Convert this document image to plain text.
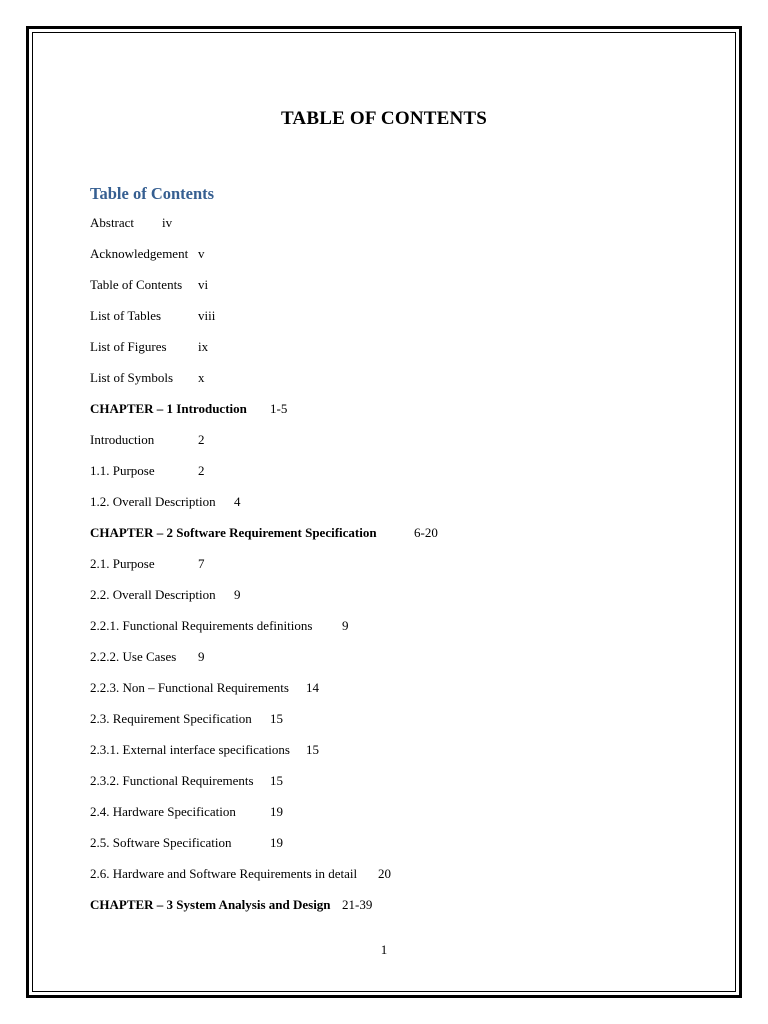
TABLE OF CONTENTS
Table of Contents
Abstract iv
Acknowledgement v
Table of Contents vi
List of Tables	viii
List of Figures ix
List of Symbols x
CHAPTER – 1 Introduction 1-5
Introduction	2
1.1. Purpose	2
1.2. Overall Description 4
CHAPTER – 2 Software Requirement Specification	6-20
2.1. Purpose	7
2.2. Overall Description 9
2.2.1. Functional Requirements definitions 9
2.2.2. Use Cases 9
2.2.3. Non – Functional Requirements 14
2.3. Requirement Specification 15
2.3.1. External interface specifications 15
2.3.2. Functional Requirements 15
2.4. Hardware Specification	19
2.5. Software Specification	19
2.6. Hardware and Software Requirements in detail 20
CHAPTER – 3 System Analysis and Design 21-39
1
